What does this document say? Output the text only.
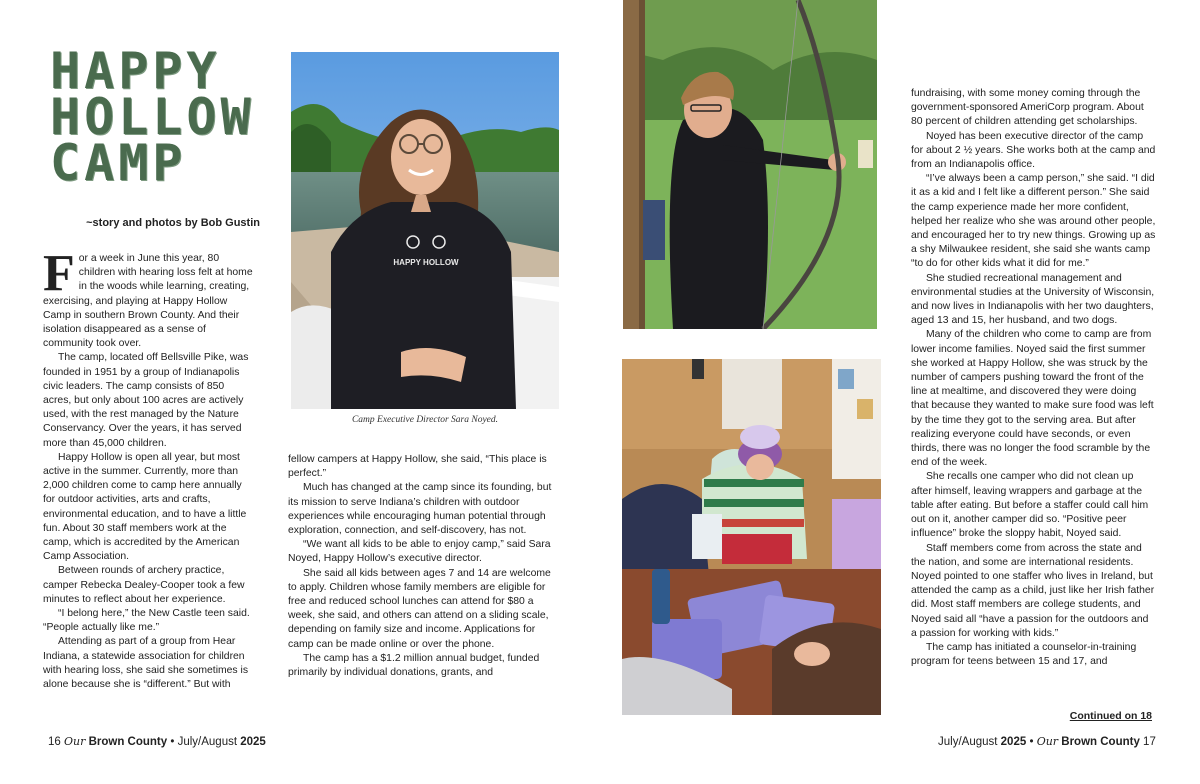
HAPPY
HOLLOW
CAMP
~story and photos by Bob Gustin

For a week in June this year, 80 children with hearing loss felt at home in the woods while learning, creating, exercising, and playing at Happy Hollow Camp in southern Brown County. And their isolation disappeared as a sense of community took over.

The camp, located off Bellsville Pike, was founded in 1951 by a group of Indianapolis civic leaders. The camp consists of 850 acres, but only about 100 acres are actively used, with the rest managed by the Nature Conservancy. Over the years, it has served more than 45,000 children.

Happy Hollow is open all year, but most active in the summer. Currently, more than 2,000 children come to camp here annually for outdoor activities, arts and crafts, environmental education, and to have a little fun. About 30 staff members work at the camp, which is accredited by the American Camp Association.

Between rounds of archery practice, camper Rebecka Dealey-Cooper took a few minutes to reflect about her experience.

“I belong here,” the New Castle teen said. “People actually like me.”

Attending as part of a group from Hear Indiana, a statewide association for children with hearing loss, she said she sometimes is alone because she is “different.” But with

HAPPY HOLLOW
Camp Executive Director Sara Noyed.

fellow campers at Happy Hollow, she said, “This place is perfect.”

Much has changed at the camp since its founding, but its mission to serve Indiana’s children with outdoor experiences while encouraging human potential through exploration, connection, and self-discovery, has not.

“We want all kids to be able to enjoy camp,” said Sara Noyed, Happy Hollow’s executive director.

She said all kids between ages 7 and 14 are welcome to apply. Children whose family members are eligible for free and reduced school lunches can attend for $80 a week, she said, and others can attend on a sliding scale, depending on family size and income. Applications for camp can be made online or over the phone.

The camp has a $1.2 million annual budget, funded primarily by individual donations, grants, and

fundraising, with some money coming through the government-sponsored AmeriCorp program. About 80 percent of children attending get scholarships.

Noyed has been executive director of the camp for about 2 ½ years. She works both at the camp and from an Indianapolis office.

“I’ve always been a camp person,” she said. “I did it as a kid and I felt like a different person.” She said the camp experience made her more confident, helped her realize who she was around other people, and encouraged her to try new things. Growing up as a shy Milwaukee resident, she said she wants camp “to do for other kids what it did for me.”

She studied recreational management and environmental studies at the University of Wisconsin, and now lives in Indianapolis with her two daughters, aged 13 and 15, her husband, and two dogs.

Many of the children who come to camp are from lower income families. Noyed said the first summer she worked at Happy Hollow, she was struck by the number of campers pushing toward the front of the line at mealtime, and discovered they were doing that because they wanted to make sure food was left by the time they got to the serving area. But after realizing everyone could have seconds, or even thirds, there was no longer the food scramble by the end of the week.

She recalls one camper who did not clean up after himself, leaving wrappers and garbage at the table after eating. But before a staffer could call him out on it, another camper did so. “Positive peer influence” broke the sloppy habit, Noyed said.

Staff members come from across the state and the nation, and some are international residents. Noyed pointed to one staffer who lives in Ireland, but attended the camp as a child, just like her Irish father did. Most staff members are college students, and Noyed said all “have a passion for the outdoors and a passion for working with kids.”

The camp has initiated a counselor-in-training program for teens between 15 and 17, and

Continued on 18
16 Our Brown County • July/August 2025	July/August 2025 • Our Brown County 17
